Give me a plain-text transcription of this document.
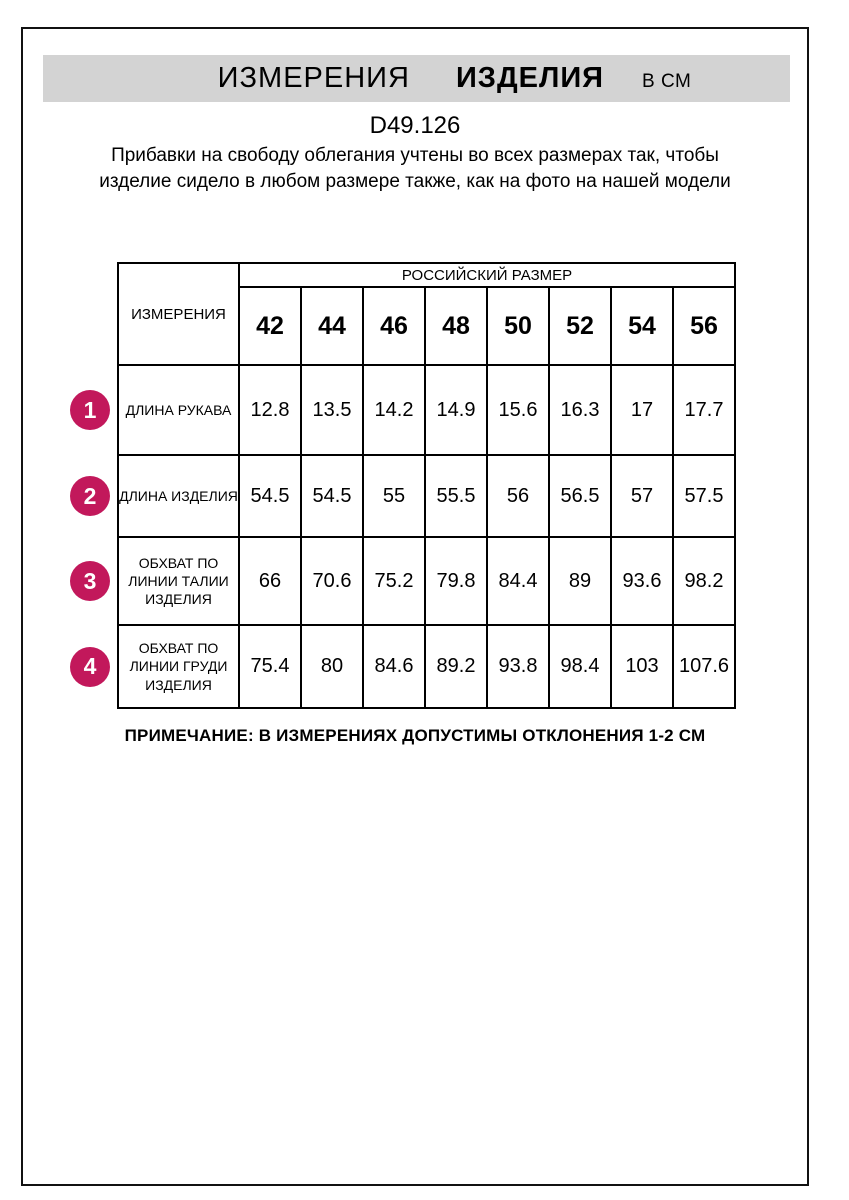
ИЗМЕРЕНИЯ ИЗДЕЛИЯ В СМ
D49.126
Прибавки на свободу облегания учтены во всех размерах так, чтобы изделие сидело в любом размере также, как на фото на нашей модели
	ИЗМЕРЕНИЯ	РОССИЙСКИЙ РАЗМЕР							
		42	44	46	48	50	52	54	56

1	ДЛИНА РУКАВА	12.8	13.5	14.2	14.9	15.6	16.3	17	17.7

2	ДЛИНА ИЗДЕЛИЯ	54.5	54.5	55	55.5	56	56.5	57	57.5

3	ОБХВАТ ПО ЛИНИИ ТАЛИИ ИЗДЕЛИЯ	66	70.6	75.2	79.8	84.4	89	93.6	98.2

4	ОБХВАТ ПО ЛИНИИ ГРУДИ ИЗДЕЛИЯ	75.4	80	84.6	89.2	93.8	98.4	103	107.6
ПРИМЕЧАНИЕ: В ИЗМЕРЕНИЯХ ДОПУСТИМЫ ОТКЛОНЕНИЯ 1-2 СМ
